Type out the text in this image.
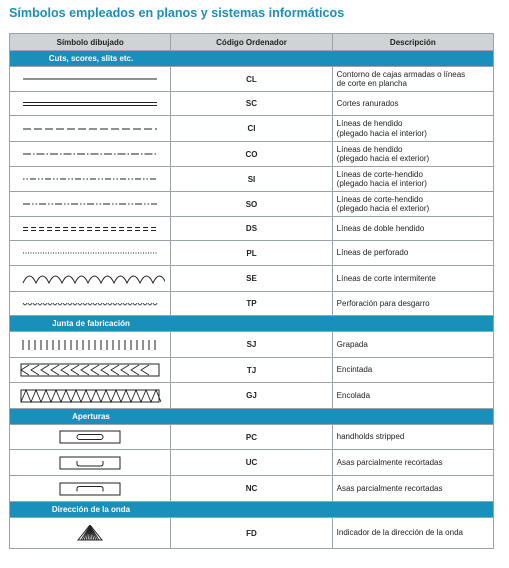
Símbolos empleados en planos y sistemas informáticos
Símbolo dibujado	Código Ordenador	Descripción
Cuts, scores, slits etc.		

	CL	Contorno de cajas armadas o líneas
de corte en plancha

	SC	Cortes ranurados

	CI	Líneas de hendido
(plegado hacia el interior)

	CO	Líneas de hendido
(plegado hacia el exterior)

	SI	Líneas de corte-hendido
(plegado hacia el interior)

	SO	Líneas de corte-hendido
(plegado hacia el exterior)

	DS	Líneas de doble hendido

	PL	Líneas de perforado

	SE	Líneas de corte intermitente

	TP	Perforación para desgarro

Junta de fabricación		

	SJ	Grapada

	TJ	Encintada

	GJ	Encolada

Aperturas		

	PC	handholds stripped

	UC	Asas parcialmente recortadas

	NC	Asas parcialmente recortadas

Dirección de la onda		

	FD	Indicador de la dirección de la onda
